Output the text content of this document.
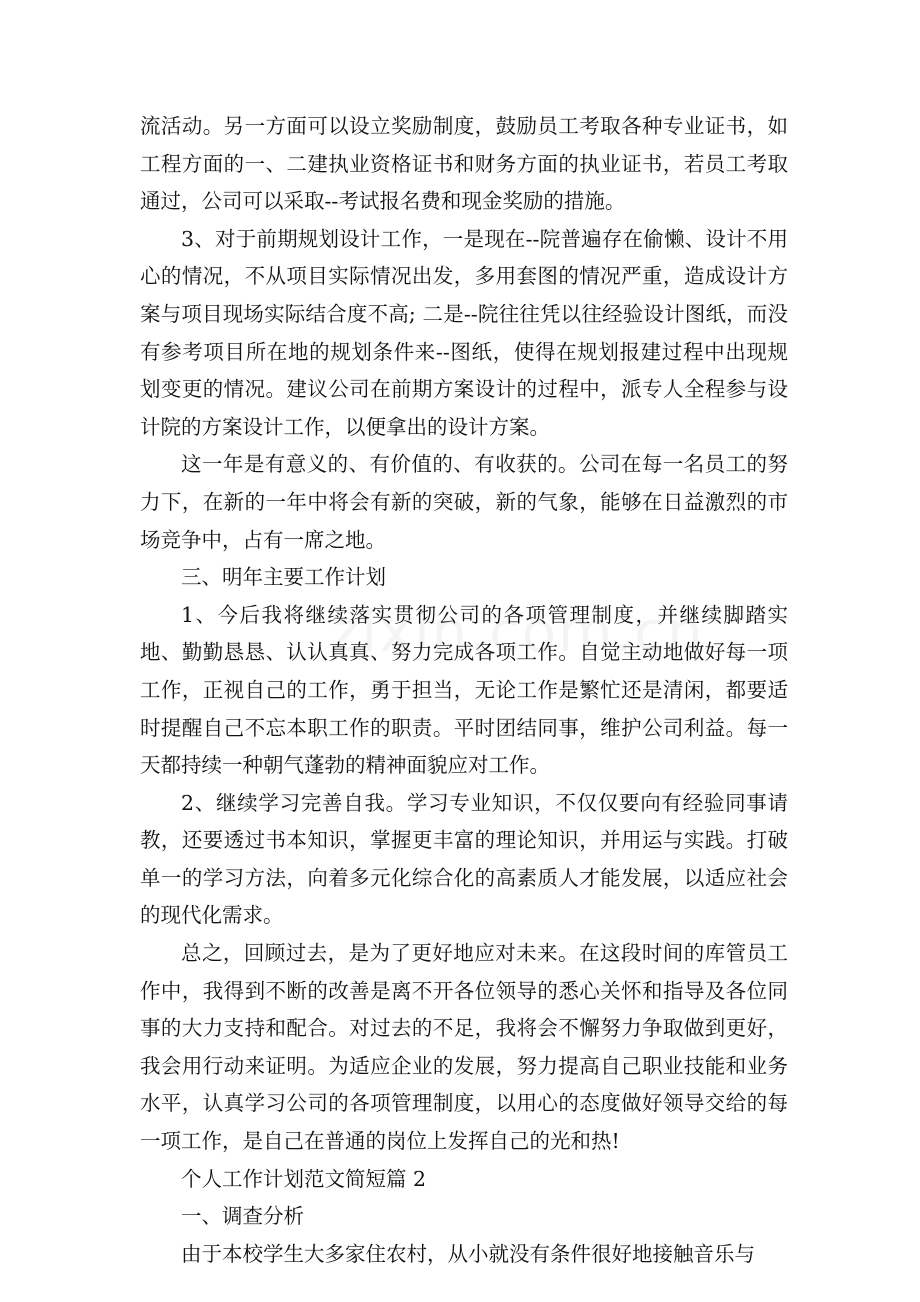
流活动。另一方面可以设立奖励制度，鼓励员工考取各种专业证书，如工程方面的一、二建执业资格证书和财务方面的执业证书，若员工考取通过，公司可以采取--考试报名费和现金奖励的措施。

3、对于前期规划设计工作，一是现在--院普遍存在偷懒、设计不用心的情况，不从项目实际情况出发，多用套图的情况严重，造成设计方案与项目现场实际结合度不高; 二是--院往往凭以往经验设计图纸，而没有参考项目所在地的规划条件来--图纸，使得在规划报建过程中出现规划变更的情况。建议公司在前期方案设计的过程中，派专人全程参与设计院的方案设计工作，以便拿出的设计方案。

这一年是有意义的、有价值的、有收获的。公司在每一名员工的努力下，在新的一年中将会有新的突破，新的气象，能够在日益激烈的市场竞争中，占有一席之地。

三、明年主要工作计划

1、今后我将继续落实贯彻公司的各项管理制度，并继续脚踏实地、勤勤恳恳、认认真真、努力完成各项工作。自觉主动地做好每一项工作，正视自己的工作，勇于担当，无论工作是繁忙还是清闲，都要适时提醒自己不忘本职工作的职责。平时团结同事，维护公司利益。每一天都持续一种朝气蓬勃的精神面貌应对工作。

2、继续学习完善自我。学习专业知识，不仅仅要向有经验同事请教，还要透过书本知识，掌握更丰富的理论知识，并用运与实践。打破单一的学习方法，向着多元化综合化的高素质人才能发展，以适应社会的现代化需求。

总之，回顾过去，是为了更好地应对未来。在这段时间的库管员工作中，我得到不断的改善是离不开各位领导的悉心关怀和指导及各位同事的大力支持和配合。对过去的不足，我将会不懈努力争取做到更好，我会用行动来证明。为适应企业的发展，努力提高自己职业技能和业务水平，认真学习公司的各项管理制度，以用心的态度做好领导交给的每一项工作，是自己在普通的岗位上发挥自己的光和热!

个人工作计划范文简短篇 2

一、调查分析

由于本校学生大多家住农村，从小就没有条件很好地接触音乐与
